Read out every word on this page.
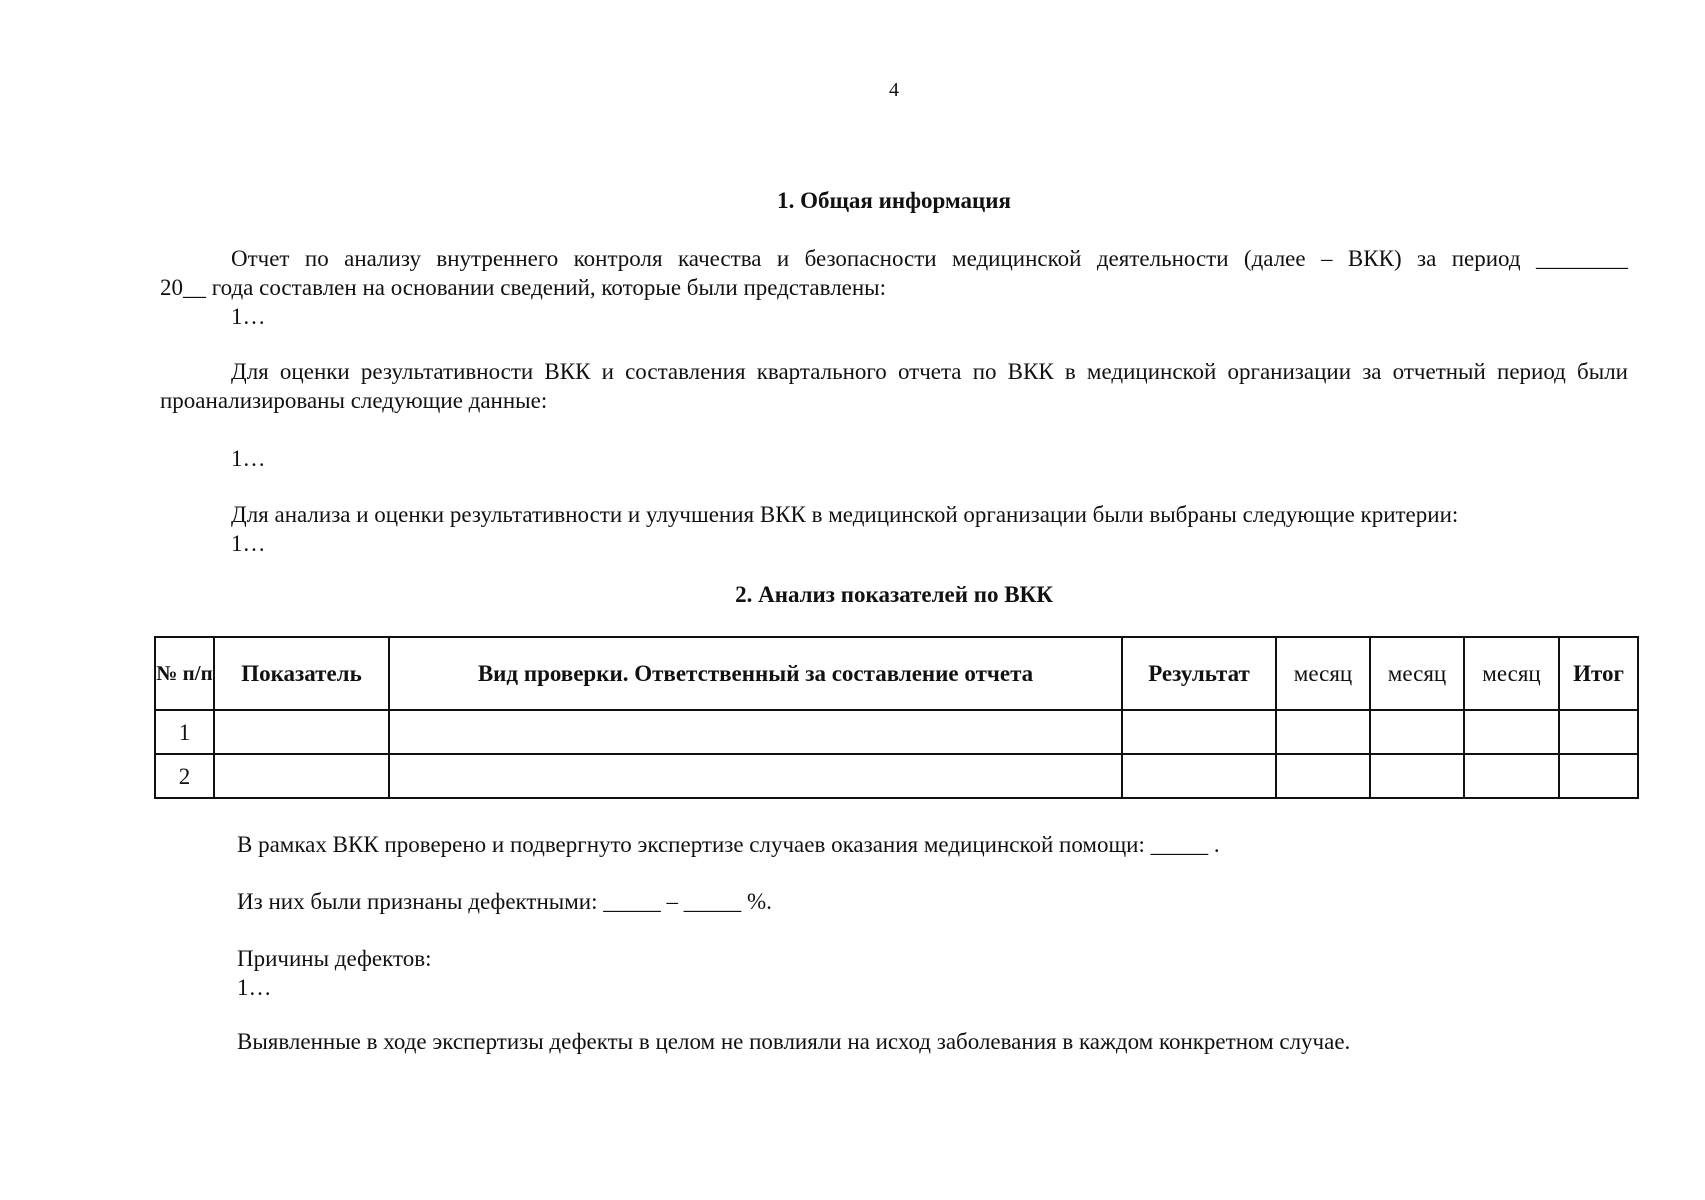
4
1. Общая информация
Отчет по анализу внутреннего контроля качества и безопасности медицинской деятельности (далее – ВКК) за период ________
20__ года составлен на основании сведений, которые были представлены:
1…
Для оценки результативности ВКК и составления квартального отчета по ВКК в медицинской организации за отчетный период были проанализированы следующие данные:
1…
Для анализа и оценки результативности и улучшения ВКК в медицинской организации были выбраны следующие критерии:
1…
2. Анализ показателей по ВКК
№ п/п	Показатель	Вид проверки. Ответственный за составление отчета	Результат	месяц	месяц	месяц	Итог
1							
2							
В рамках ВКК проверено и подвергнуто экспертизе случаев оказания медицинской помощи: _____ .
Из них были признаны дефектными: _____ – _____ %.
Причины дефектов:
1…
Выявленные в ходе экспертизы дефекты в целом не повлияли на исход заболевания в каждом конкретном случае.
